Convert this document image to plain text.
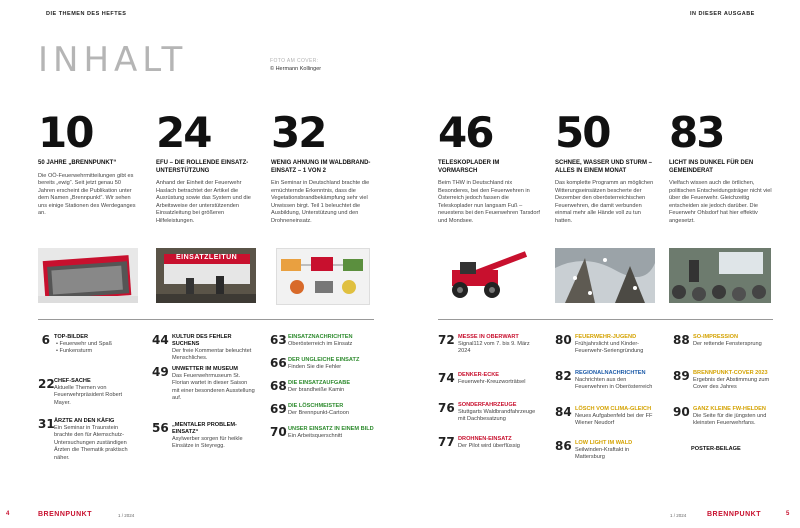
DIE THEMEN DES HEFTES	IN DIESER AUSGABE
INHALT	FOTO AM COVER:
© Hermann Kollinger
10
50 JAHRE „BRENNPUNKT“
Die OÖ-Feuerwehrmitteilungen gibt es bereits „ewig“. Seit jetzt genau 50 Jahren erscheint die Publikation unter dem Namen „Brennpunkt“. Wir sehen uns einige Stationen des Werdeganges an.
24
EFU – DIE ROLLENDE EINSATZ-UNTERSTÜTZUNG
Anhand der Einheit der Feuerwehr Haslach betrachtet der Artikel die Ausrüstung sowie das System und die Arbeitsweise der unterstützenden Einsatzleitung bei größeren Hilfeleistungen.
EINSATZLEITUN
32
WENIG AHNUNG IM WALDBRAND-EINSATZ – 1 VON 2
Ein Seminar in Deutschland brachte die ernüchternde Erkenntnis, dass die Vegetationsbrandbekämpfung sehr viel Unwissen birgt. Teil 1 beleuchtet die Ausbildung, Unterstützung und den Drohneneinsatz.
46
TELESKOPLADER IM VORMARSCH
Beim THW in Deutschland nix Besonderes, bei den Feuerwehren in Österreich jedoch fassen die Teleskoplader nun langsam Fuß – neuestens bei den Feuerwehren Tarsdorf und Mondsee.
50
SCHNEE, WASSER UND STURM – ALLES IN EINEM MONAT
Das komplette Programm an möglichen Witterungseinsätzen bescherte der Dezember den oberösterreichischen Feuerwehren, die damit verbunden einmal mehr alle Hände voll zu tun hatten.
83
LICHT INS DUNKEL FÜR DEN GEMEINDERAT
Vielfach wissen auch die örtlichen, politischen Entscheidungsträger nicht viel über die Feuerwehr. Gleichzeitig entscheiden sie jedoch darüber. Die Feuerwehr Ohlsdorf hat hier effektiv angesetzt.
6 TOP-BILDER
• Feuerwehr und Spaß
• Funkensturm
22 CHEF-SACHE
Aktuelle Themen von Feuerwehrpräsident Robert Mayer.
31 ÄRZTE AN DEN KÄFIG
Ein Seminar in Traunstein brachte den für Atemschutz-Untersuchungen zuständigen Ärzten die Thematik praktisch näher.
44 KULTUR DES FEHLER SUCHENS
Der freie Kommentar beleuchtet Menschliches.
49 UNWETTER IM MUSEUM
Das Feuerwehrmuseum St. Florian wartet in dieser Saison mit einer besonderen Ausstellung auf.
56 „MENTALER PROBLEM-EINSATZ“
Asylwerber sorgen für heikle Einsätze in Steyregg.
63 EINSATZNACHRICHTEN
Oberösterreich im Einsatz
66 DER UNGLEICHE EINSATZ
Finden Sie die Fehler
68 DIE EINSATZAUFGABE
Der brandheiße Kamin
69 DIE LÖSCHMEISTER
Der Brennpunkt-Cartoon
70 UNSER EINSATZ IN EINEM BILD
Ein Arbeitsquerschnitt
72 MESSE IN OBERWART
Signal112 vom 7. bis 9. März 2024
74 DENKER-ECKE
Feuerwehr-Kreuzworträtsel
76 SONDERFAHRZEUGE
Stuttgarts Waldbrandfahrzeuge mit Dachbesatzung
77 DROHNEN-EINSATZ
Der Pilot wird überflüssig
80 FEUERWEHR-JUGEND
Frühjahrslicht und Kinder-Feuerwehr-Seriengründung
82 REGIONALNACHRICHTEN
Nachrichten aus den Feuerwehren in Oberösterreich
84 LÖSCH VOM CLIMA-GLEICH
Neues Aufgabenfeld bei der FF Wiener Neudorf
86 LOW LIGHT IM WALD
Seilwinden-Kraftakt in Mattersburg
88 SO-IMPRESSION
Der rettende Fenstersprung
89 BRENNPUNKT-COVER 2023
Ergebnis der Abstimmung zum Cover des Jahres
90 GANZ KLEINE FW-HELDEN
Die Seite für die jüngsten und kleinsten Feuerwehrfans.
POSTER-BEILAGE
4	BRENNPUNKT	1 / 2024	1 / 2024	BRENNPUNKT	5
